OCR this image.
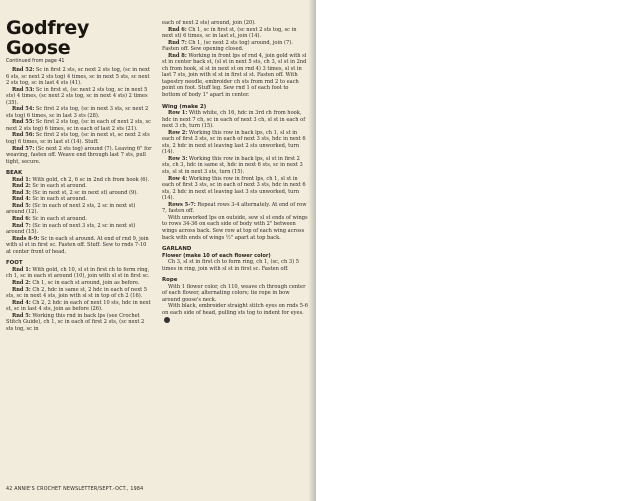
Godfrey Goose
Continued from page 41

Rnd 52: Sc in first 2 sts, sc next 2 sts tog, (sc in next 6 sts, sc next 2 sts tog) 4 times, sc in next 5 sts, sc next 2 sts tog, sc in last 4 sts (41).

Rnd 53: Sc in first st, (sc next 2 sts tog, sc in next 5 sts) 4 times, (sc next 2 sts tog, sc in next 4 sts) 2 times (35).

Rnd 54: Sc first 2 sts tog, (sc in next 3 sts, sc next 2 sts tog) 6 times, sc in last 3 sts (28).

Rnd 55: Sc first 2 sts tog, (sc in each of next 2 sts, sc next 2 sts tog) 6 times, sc in each of last 2 sts (21).

Rnd 56: Sc first 2 sts tog, (sc in next st, sc next 2 sts tog) 6 times, sc in last st (14). Stuff.

Rnd 57: (Sc next 2 sts tog) around (7). Leaving 6" for weaving, fasten off. Weave end through last 7 sts, pull tight, secure.

BEAK

Rnd 1: With gold, ch 2, 6 sc in 2nd ch from hook (6).

Rnd 2: Sc in each st around.

Rnd 3: (Sc in next st, 2 sc in next st) around (9).

Rnd 4: Sc in each st around.

Rnd 5: (Sc in each of next 2 sts, 2 sc in next st) around (12).

Rnd 6: Sc in each st around.

Rnd 7: (Sc in each of next 3 sts, 2 sc in next st) around (15).

Rnds 8-9: Sc in each st around. At end of rnd 9, join with sl st in first sc. Fasten off. Stuff. Sew to rnds 7-10 at center front of head.

FOOT

Rnd 1: With gold, ch 10, sl st in first ch to form ring, ch 1, sc in each st around (10), join with sl st in first sc.

Rnd 2: Ch 1, sc in each st around, join as before.

Rnd 3: Ch 2, hdc in same st, 2 hdc in each of next 5 sts, sc in next 4 sts, join with sl st in top of ch 2 (16).

Rnd 4: Ch 2, 2 hdc in each of next 10 sts, hdc in next st, sc in last 4 sts, join as before (26).

Rnd 5: Working this rnd in back lps (see Crochet Stitch Guide), ch 1, sc in each of first 2 sts, (sc next 2 sts tog, sc in

each of next 2 sts) around, join (20).

Rnd 6: Ch 1, sc in first st, (sc next 2 sts tog, sc in next st) 6 times, sc in last st, join (14).

Rnd 7: Ch 1, (sc next 2 sts tog) around, join (7). Fasten off. Sew opening closed.

Rnd 8: Working in front lps of rnd 4, join gold with sl st in center back st, (sl st in next 5 sts, ch 3, sl st in 2nd ch from hook, sl st in next st on rnd 4) 3 times, sl st in last 7 sts, join with sl st in first sl st. Fasten off. With tapestry needle, embroider ch sts from rnd 2 to each point on foot. Stuff leg. Sew rnd 1 of each foot to bottom of body 1" apart in center.

Wing (make 2)

Row 1: With white, ch 16, hdc in 3rd ch from hook, hdc in next 7 ch, sc in each of next 3 ch, sl st in each of next 3 ch, turn (15).

Row 2: Working this row in back lps, ch 1, sl st in each of first 3 sts, sc in each of next 3 sts, hdc in next 6 sts, 2 hdc in next st leaving last 2 sts unworked, turn (14).

Row 3: Working this row in back lps, sl st in first 2 sts, ch 3, hdc in same st, hdc in next 6 sts, sc in next 3 sts, sl st in next 3 sts, turn (15).

Row 4: Working this row in front lps, ch 1, sl st in each of first 3 sts, sc in each of next 3 sts, hdc in next 6 sts, 2 hdc in next st leaving last 3 sts unworked, turn (14).

Rows 5-7: Repeat rows 3-4 alternately. At end of row 7, fasten off.

With unworked lps on outside, sew sl st ends of wings to rows 34-36 on each side of body with 2" between wings across back. Sew row at top of each wing across back with ends of wings ½" apart at top back.

GARLAND
Flower (make 10 of each flower color)

Ch 3, sl st in first ch to form ring, ch 1, (sc, ch 3) 5 times in ring, join with sl st in first sc. Fasten off.

Rope

With 1 flower color, ch 110, weave ch through center of each flower, alternating colors; tie rope in bow around goose's neck.

With black, embroider straight stitch eyes on rnds 5-6 on each side of head, pulling sts tog to indent for eyes.

42 ANNIE'S CROCHET NEWSLETTER/SEPT.-OCT., 1984
